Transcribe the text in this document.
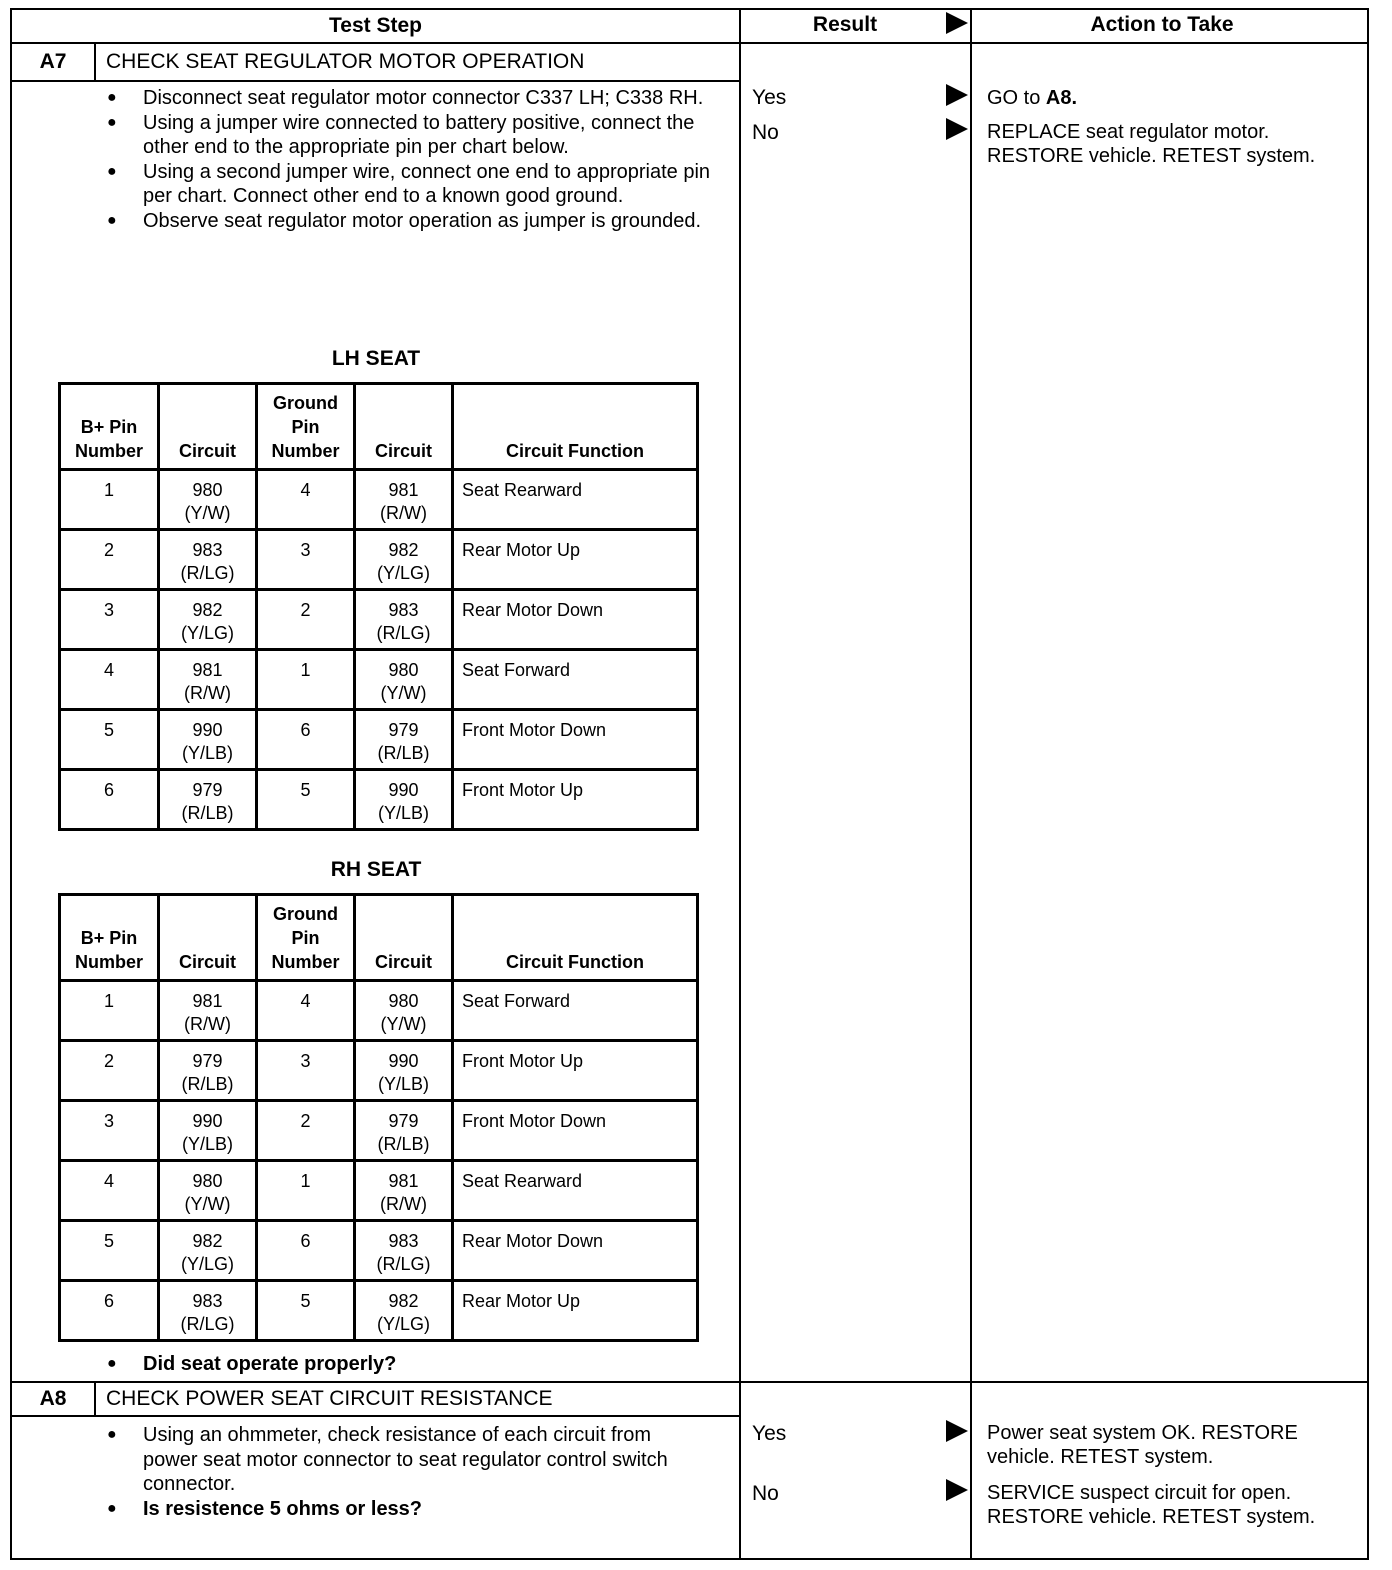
Test Step	Result	Action to Take
A7	CHECK SEAT REGULATOR MOTOR OPERATION
● Disconnect seat regulator motor connector C337 LH; C338 RH.
● Using a jumper wire connected to battery positive, connect the other end to the appropriate pin per chart below.
● Using a second jumper wire, connect one end to appropriate pin per chart. Connect other end to a known good ground.
● Observe seat regulator motor operation as jumper is grounded.
Yes	GO to A8.
No	REPLACE seat regulator motor. RESTORE vehicle. RETEST system.
LH SEAT
B+ Pin Number	Circuit	Ground Pin Number	Circuit	Circuit Function
1	980
(Y/W)	4	981
(R/W)	Seat Rearward
2	983
(R/LG)	3	982
(Y/LG)	Rear Motor Up
3	982
(Y/LG)	2	983
(R/LG)	Rear Motor Down
4	981
(R/W)	1	980
(Y/W)	Seat Forward
5	990
(Y/LB)	6	979
(R/LB)	Front Motor Down
6	979
(R/LB)	5	990
(Y/LB)	Front Motor Up
RH SEAT
B+ Pin Number	Circuit	Ground Pin Number	Circuit	Circuit Function
1	981
(R/W)	4	980
(Y/W)	Seat Forward
2	979
(R/LB)	3	990
(Y/LB)	Front Motor Up
3	990
(Y/LB)	2	979
(R/LB)	Front Motor Down
4	980
(Y/W)	1	981
(R/W)	Seat Rearward
5	982
(Y/LG)	6	983
(R/LG)	Rear Motor Down
6	983
(R/LG)	5	982
(Y/LG)	Rear Motor Up
● Did seat operate properly?
A8	CHECK POWER SEAT CIRCUIT RESISTANCE
● Using an ohmmeter, check resistance of each circuit from power seat motor connector to seat regulator control switch connector.
● Is resistence 5 ohms or less?
Yes	Power seat system OK. RESTORE vehicle. RETEST system.
No	SERVICE suspect circuit for open. RESTORE vehicle. RETEST system.
